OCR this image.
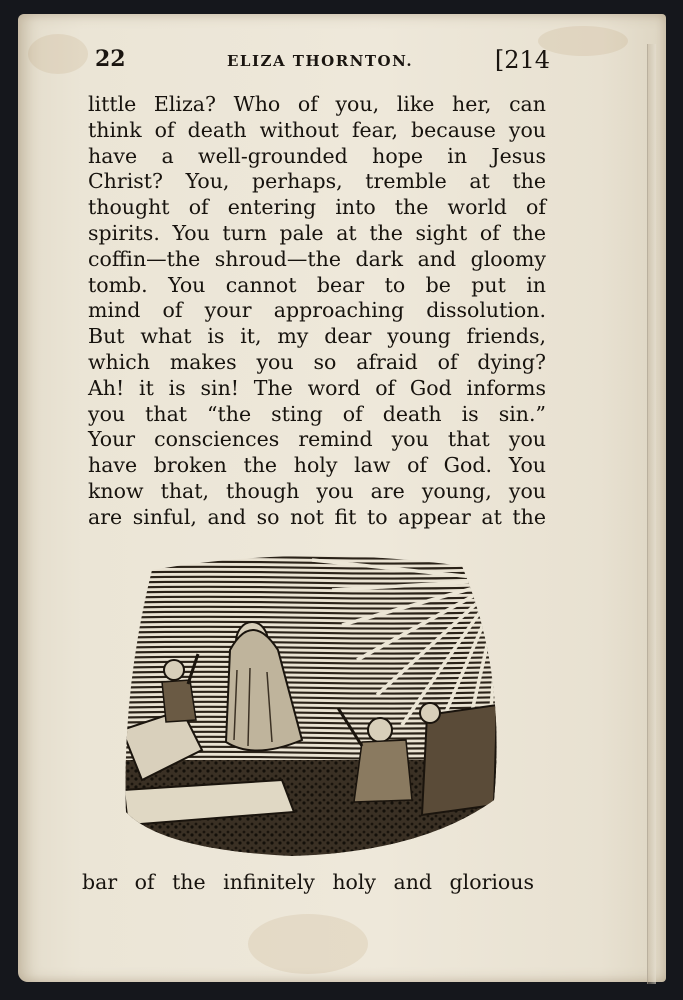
22	ELIZA THORNTON.	[214
little Eliza? Who of you, like her, can
think of death without fear, because you
have a well-grounded hope in Jesus
Christ? You, perhaps, tremble at the
thought of entering into the world of
spirits. You turn pale at the sight of the
coffin—the shroud—the dark and gloomy
tomb. You cannot bear to be put in
mind of your approaching dissolution.
But what is it, my dear young friends,
which makes you so afraid of dying?
Ah! it is sin! The word of God informs
you that “the sting of death is sin.”
Your consciences remind you that you
have broken the holy law of God. You
know that, though you are young, you
are sinful, and so not fit to appear at the
bar of the infinitely holy and glorious
